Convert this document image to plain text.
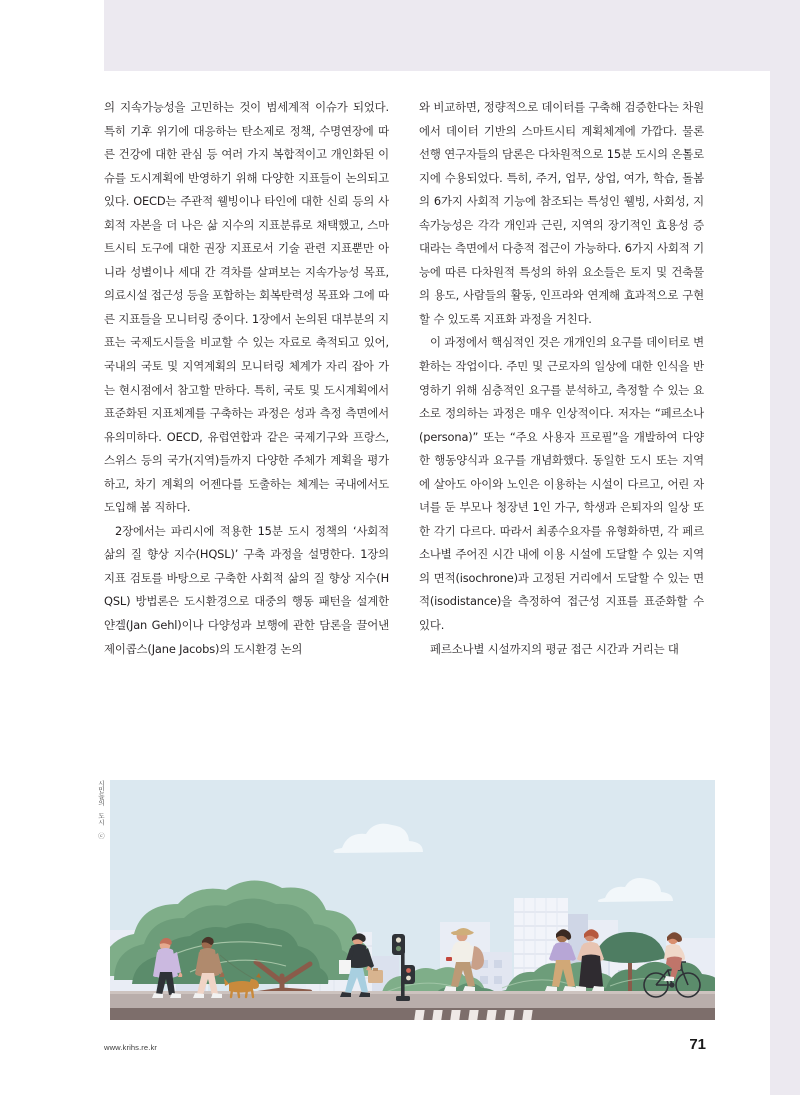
의 지속가능성을 고민하는 것이 범세계적 이슈가 되었다. 특히 기후 위기에 대응하는 탄소제로 정책, 수명연장에 따른 건강에 대한 관심 등 여러 가지 복합적이고 개인화된 이슈를 도시계획에 반영하기 위해 다양한 지표들이 논의되고 있다. OECD는 주관적 웰빙이나 타인에 대한 신뢰 등의 사회적 자본을 더 나은 삶 지수의 지표분류로 채택했고, 스마트시티 도구에 대한 권장 지표로서 기술 관련 지표뿐만 아니라 성별이나 세대 간 격차를 살펴보는 지속가능성 목표, 의료시설 접근성 등을 포함하는 회복탄력성 목표와 그에 따른 지표들을 모니터링 중이다. 1장에서 논의된 대부분의 지표는 국제도시들을 비교할 수 있는 자료로 축적되고 있어, 국내의 국토 및 지역계획의 모니터링 체계가 자리 잡아 가는 현시점에서 참고할 만하다. 특히, 국토 및 도시계획에서 표준화된 지표체계를 구축하는 과정은 성과 측정 측면에서 유의미하다. OECD, 유럽연합과 같은 국제기구와 프랑스, 스위스 등의 국가(지역)들까지 다양한 주체가 계획을 평가하고, 차기 계획의 어젠다를 도출하는 체계는 국내에서도 도입해 봄 직하다.

2장에서는 파리시에 적용한 15분 도시 정책의 ‘사회적 삶의 질 향상 지수(HQSL)’ 구축 과정을 설명한다. 1장의 지표 검토를 바탕으로 구축한 사회적 삶의 질 향상 지수(HQSL) 방법론은 도시환경으로 대중의 행동 패턴을 설계한 얀겔(Jan Gehl)이나 다양성과 보행에 관한 담론을 끌어낸 제이콥스(Jane Jacobs)의 도시환경 논의

와 비교하면, 정량적으로 데이터를 구축해 검증한다는 차원에서 데이터 기반의 스마트시티 계획체계에 가깝다. 물론 선행 연구자들의 담론은 다차원적으로 15분 도시의 온톨로지에 수용되었다. 특히, 주거, 업무, 상업, 여가, 학습, 돌봄의 6가지 사회적 기능에 참조되는 특성인 웰빙, 사회성, 지속가능성은 각각 개인과 근린, 지역의 장기적인 효용성 증대라는 측면에서 다층적 접근이 가능하다. 6가지 사회적 기능에 따른 다차원적 특성의 하위 요소들은 토지 및 건축물의 용도, 사람들의 활동, 인프라와 연계해 효과적으로 구현할 수 있도록 지표화 과정을 거친다.

이 과정에서 핵심적인 것은 개개인의 요구를 데이터로 변환하는 작업이다. 주민 및 근로자의 일상에 대한 인식을 반영하기 위해 심층적인 요구를 분석하고, 측정할 수 있는 요소로 정의하는 과정은 매우 인상적이다. 저자는 “페르소나(persona)” 또는 “주요 사용자 프로필”을 개발하여 다양한 행동양식과 요구를 개념화했다. 동일한 도시 또는 지역에 살아도 아이와 노인은 이용하는 시설이 다르고, 어린 자녀를 둔 부모나 청장년 1인 가구, 학생과 은퇴자의 일상 또한 각기 다르다. 따라서 최종수요자를 유형화하면, 각 페르소나별 주어진 시간 내에 이용 시설에 도달할 수 있는 지역의 면적(isochrone)과 고정된 거리에서 도달할 수 있는 면적(isodistance)을 측정하여 접근성 지표를 표준화할 수 있다.

페르소나별 시설까지의 평균 접근 시간과 거리는 대

시민들의 도시 ⓒ
www.krihs.re.kr	71
